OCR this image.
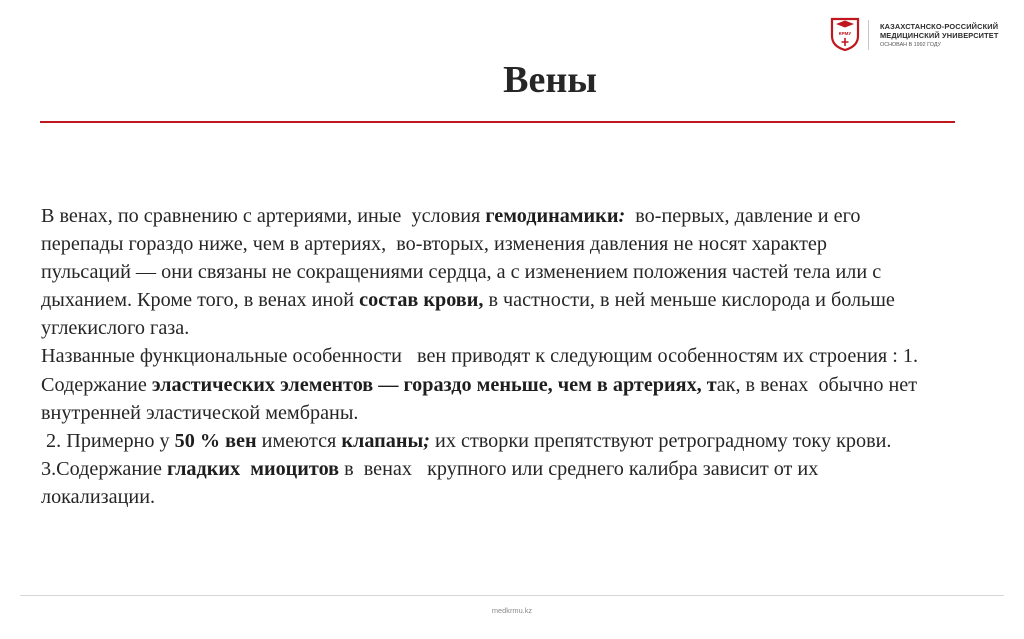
КРМУ
КАЗАХСТАНСКО-РОССИЙСКИЙ
МЕДИЦИНСКИЙ УНИВЕРСИТЕТ
ОСНОВАН В 1992 ГОДУ
Вены

В венах, по сравнению с артериями, иные  условия гемодинамики:  во-первых, давление и его перепады гораздо ниже, чем в артериях,  во-вторых, изменения давления не носят характер пульсаций — они связаны не сокращениями сердца, а с изменением положения частей тела или с дыханием. Кроме того, в венах иной состав крови, в частности, в ней меньше кислорода и больше углекислого газа.

Названные функциональные особенности   вен приводят к следующим особенностям их строения : 1. Содержание эластических элементов — гораздо меньше, чем в артериях, так, в венах  обычно нет внутренней эластической мембраны.

2. Примерно у 50 % вен имеются клапаны; их створки препятствуют ретроградному току крови.

3.Содержание гладких  миоцитов в  венах   крупного или среднего калибра зависит от их локализации.

medkrmu.kz
